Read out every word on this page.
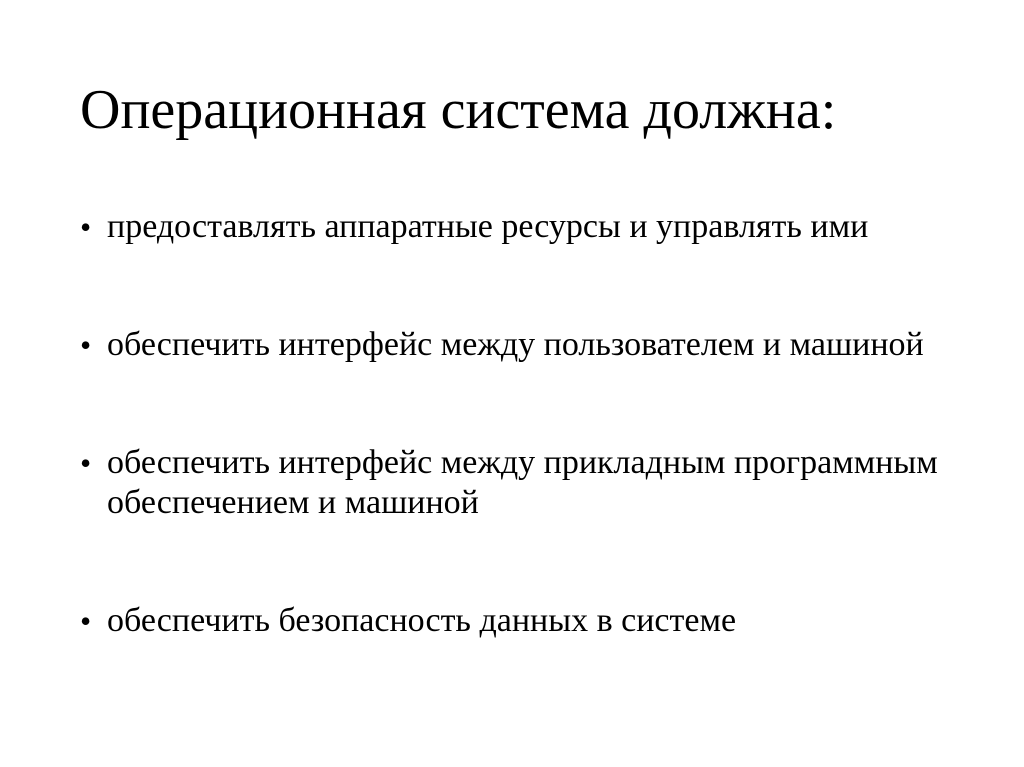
Операционная система должна:
• предоставлять аппаратные ресурсы и управлять ими
• обеспечить интерфейс между пользователем и машиной
• обеспечить интерфейс между прикладным программным обеспечением и машиной
• обеспечить безопасность данных в системе
